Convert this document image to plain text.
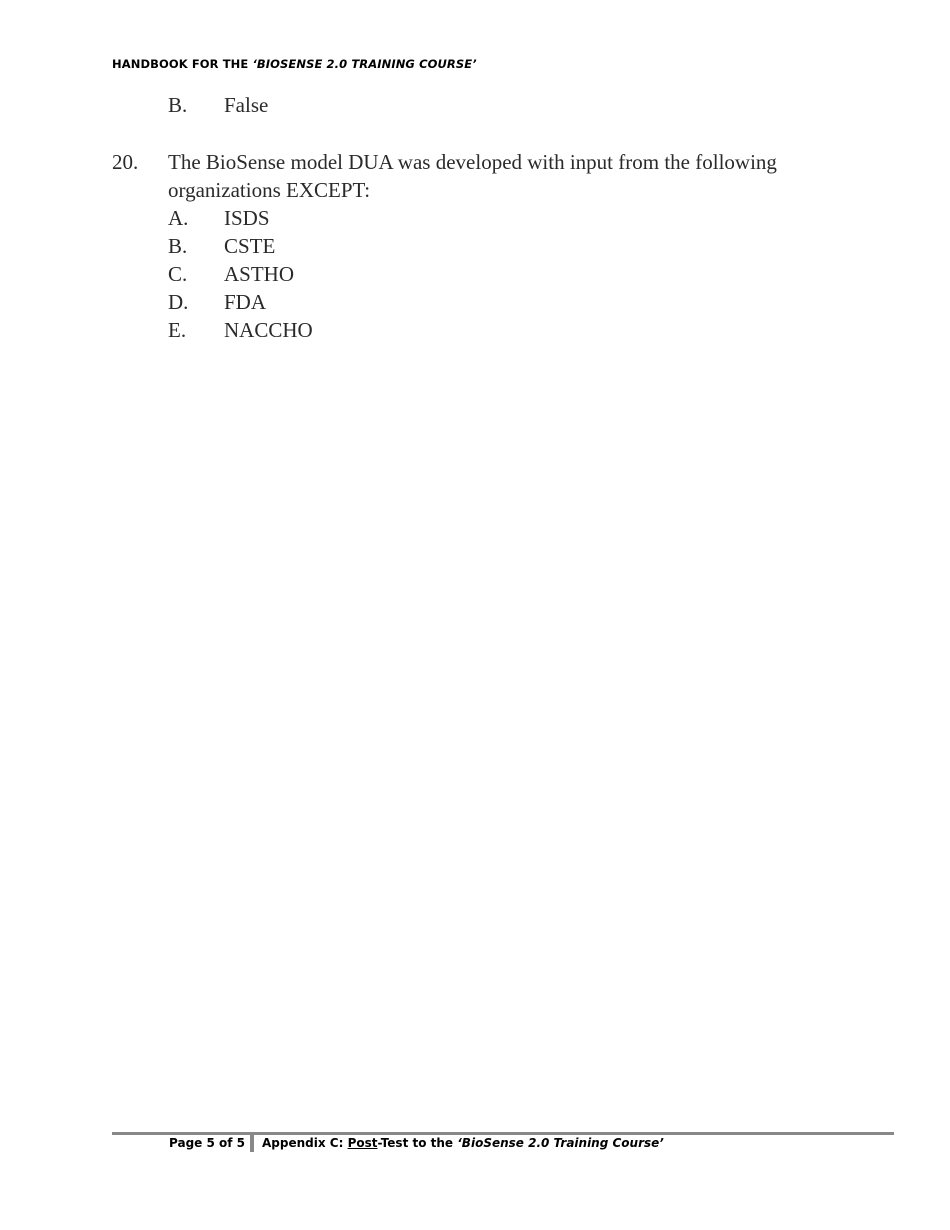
HANDBOOK FOR THE ‘BIOSENSE 2.0 TRAINING COURSE’
B. False
20. The BioSense model DUA was developed with input from the following
organizations EXCEPT:
A. ISDS
B. CSTE
C. ASTHO
D. FDA
E. NACCHO
Page 5 of 5 Appendix C: Post-Test to the ‘BioSense 2.0 Training Course’
